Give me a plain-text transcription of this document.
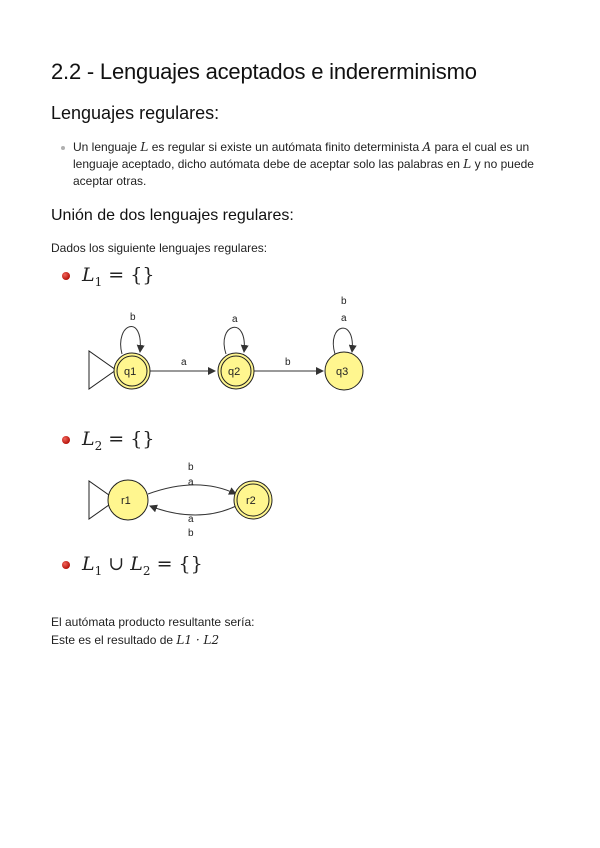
2.2 - Lenguajes aceptados e indererminismo
Lenguajes regulares:
Un lenguaje L es regular si existe un autómata finito determinista A para el cual es un lenguaje aceptado, dicho autómata debe de aceptar solo las palabras en L y no puede aceptar otras.
Unión de dos lenguajes regulares:

Dados los siguiente lenguajes regulares:

$L_1$ = {}
b	a
b
a
a	b
q1	q2	q3
$L_2$ = {}
b
a
a
b
r1	r2
$L_1$ ∪ $L_2$ = {}

El autómata producto resultante sería:

Este es el resultado de L1 · L2
